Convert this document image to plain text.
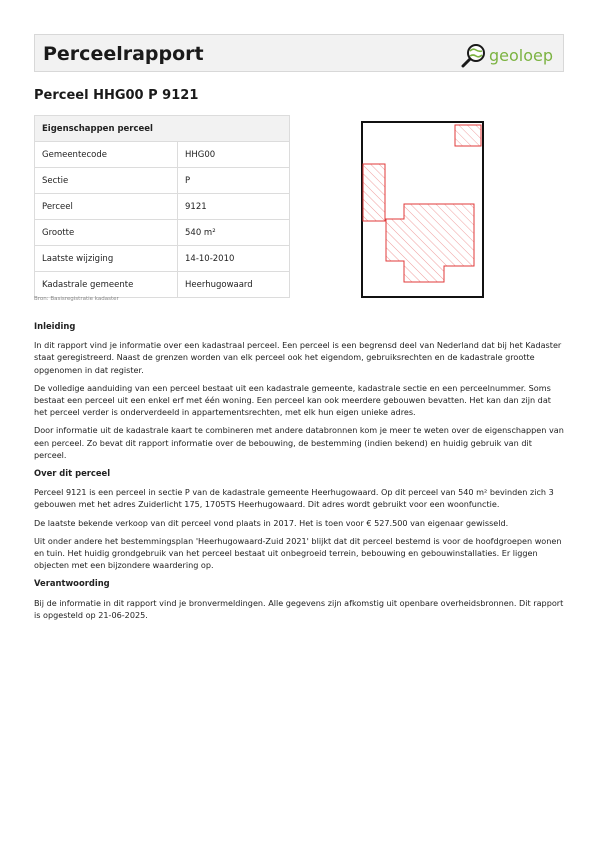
Perceelrapport	geoloep
Perceel HHG00 P 9121
Eigenschappen perceel	
Gemeentecode	HHG00
Sectie	P
Perceel	9121
Grootte	540 m²
Laatste wijziging	14-10-2010
Kadastrale gemeente	Heerhugowaard
Bron: Basisregistratie kadaster
Inleiding

In dit rapport vind je informatie over een kadastraal perceel. Een perceel is een begrensd deel van Nederland dat bij het Kadaster staat geregistreerd. Naast de grenzen worden van elk perceel ook het eigendom, gebruiksrechten en de kadastrale grootte opgenomen in dat register.

De volledige aanduiding van een perceel bestaat uit een kadastrale gemeente, kadastrale sectie en een perceelnummer. Soms bestaat een perceel uit een enkel erf met één woning. Een perceel kan ook meerdere gebouwen bevatten. Het kan dan zijn dat het perceel verder is onderverdeeld in appartementsrechten, met elk hun eigen unieke adres.

Door informatie uit de kadastrale kaart te combineren met andere databronnen kom je meer te weten over de eigenschappen van een perceel. Zo bevat dit rapport informatie over de bebouwing, de bestemming (indien bekend) en huidig gebruik van dit perceel.

Over dit perceel

Perceel 9121 is een perceel in sectie P van de kadastrale gemeente Heerhugowaard. Op dit perceel van 540 m² bevinden zich 3 gebouwen met het adres Zuiderlicht 175, 1705TS Heerhugowaard. Dit adres wordt gebruikt voor een woonfunctie.

De laatste bekende verkoop van dit perceel vond plaats in 2017. Het is toen voor € 527.500 van eigenaar gewisseld.

Uit onder andere het bestemmingsplan 'Heerhugowaard-Zuid 2021' blijkt dat dit perceel bestemd is voor de hoofdgroepen wonen en tuin. Het huidig grondgebruik van het perceel bestaat uit onbegroeid terrein, bebouwing en gebouwinstallaties. Er liggen objecten met een bijzondere waardering op.

Verantwoording

Bij de informatie in dit rapport vind je bronvermeldingen. Alle gegevens zijn afkomstig uit openbare overheidsbronnen. Dit rapport is opgesteld op 21-06-2025.
